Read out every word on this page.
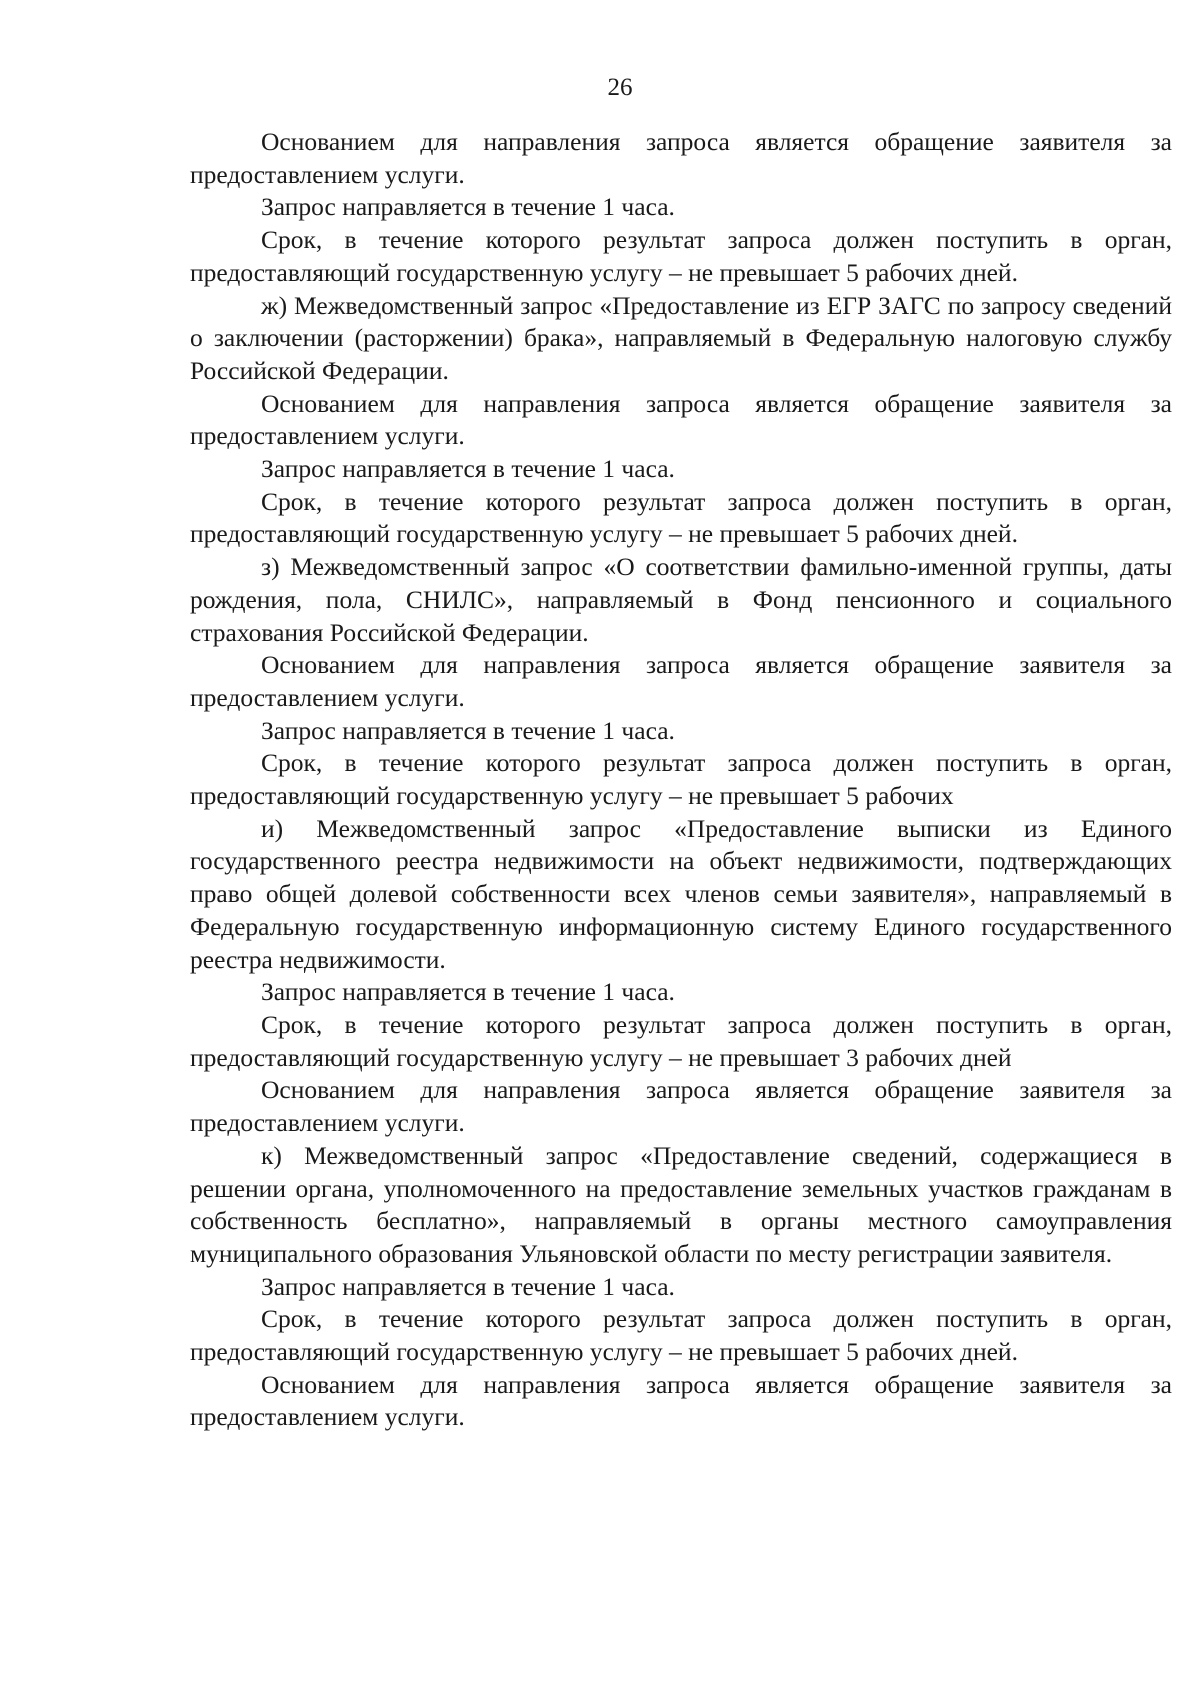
26

Основанием для направления запроса является обращение заявителя за предоставлением услуги.

Запрос направляется в течение 1 часа.

Срок, в течение которого результат запроса должен поступить в орган, предоставляющий государственную услугу – не превышает 5 рабочих дней.

ж) Межведомственный запрос «Предоставление из ЕГР ЗАГС по запросу сведений о заключении (расторжении) брака», направляемый в Федеральную налоговую службу Российской Федерации.

Основанием для направления запроса является обращение заявителя за предоставлением услуги.

Запрос направляется в течение 1 часа.

Срок, в течение которого результат запроса должен поступить в орган, предоставляющий государственную услугу – не превышает 5 рабочих дней.

з) Межведомственный запрос «О соответствии фамильно-именной группы, даты рождения, пола, СНИЛС», направляемый в Фонд пенсионного и социального страхования Российской Федерации.

Основанием для направления запроса является обращение заявителя за предоставлением услуги.

Запрос направляется в течение 1 часа.

Срок, в течение которого результат запроса должен поступить в орган, предоставляющий государственную услугу – не превышает 5 рабочих

и) Межведомственный запрос «Предоставление выписки из Единого государственного реестра недвижимости на объект недвижимости, подтверждающих право общей долевой собственности всех членов семьи заявителя», направляемый в Федеральную государственную информационную систему Единого государственного реестра недвижимости.

Запрос направляется в течение 1 часа.

Срок, в течение которого результат запроса должен поступить в орган, предоставляющий государственную услугу – не превышает 3 рабочих дней

Основанием для направления запроса является обращение заявителя за предоставлением услуги.

к) Межведомственный запрос «Предоставление сведений, содержащиеся в решении органа, уполномоченного на предоставление земельных участков гражданам в собственность бесплатно», направляемый в органы местного самоуправления муниципального образования Ульяновской области по месту регистрации заявителя.

Запрос направляется в течение 1 часа.

Срок, в течение которого результат запроса должен поступить в орган, предоставляющий государственную услугу – не превышает 5 рабочих дней.

Основанием для направления запроса является обращение заявителя за предоставлением услуги.
